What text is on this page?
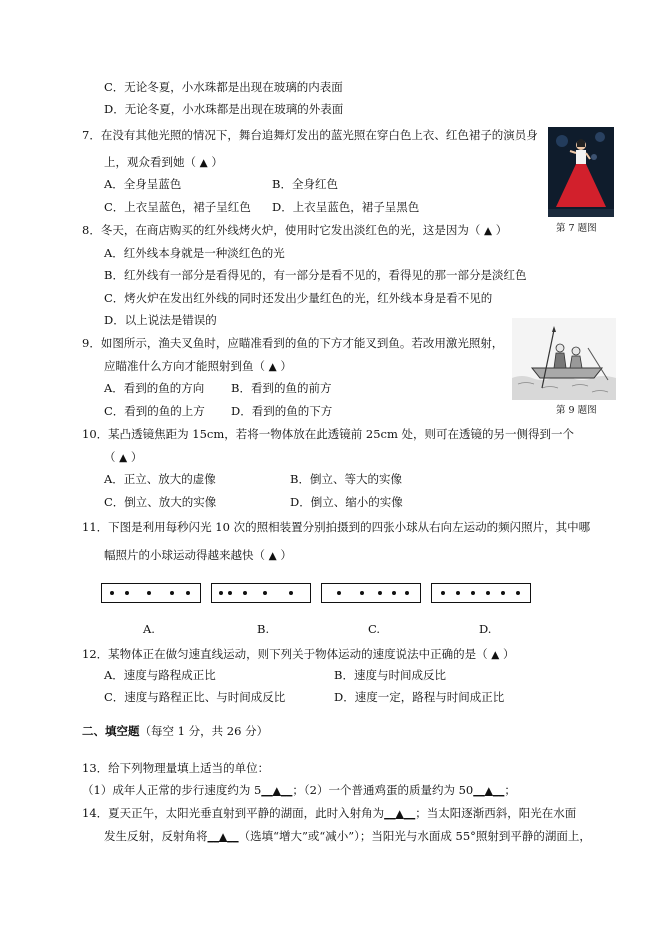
C．无论冬夏，小水珠都是出现在玻璃的内表面
D．无论冬夏，小水珠都是出现在玻璃的外表面
7．在没有其他光照的情况下，舞台追舞灯发出的蓝光照在穿白色上衣、红色裙子的演员身
上，观众看到她（ ▲ ）
A．全身呈蓝色	B．全身红色
C．上衣呈蓝色，裙子呈红色 D．上衣呈蓝色，裙子呈黑色
第 7 题图
8．冬天，在商店购买的红外线烤火炉，使用时它发出淡红色的光，这是因为（ ▲ ）
A．红外线本身就是一种淡红色的光
B．红外线有一部分是看得见的，有一部分是看不见的，看得见的那一部分是淡红色
C．烤火炉在发出红外线的同时还发出少量红色的光，红外线本身是看不见的
D．以上说法是错误的
9．如图所示，渔夫叉鱼时，应瞄准看到的鱼的下方才能叉到鱼。若改用激光照射，
应瞄准什么方向才能照射到鱼（ ▲ ）
A．看到的鱼的方向 B．看到的鱼的前方
C．看到的鱼的上方 D．看到的鱼的下方	第 9 题图
10．某凸透镜焦距为 15cm，若将一物体放在此透镜前 25cm 处，则可在透镜的另一侧得到一个
（ ▲ ）
A．正立、放大的虚像	B．倒立、等大的实像
C．倒立、放大的实像	D．倒立、缩小的实像
11．下图是利用每秒闪光 10 次的照相装置分别拍摄到的四张小球从右向左运动的频闪照片，其中哪
幅照片的小球运动得越来越快（ ▲ ）
A.	B.	C.	D.
12．某物体正在做匀速直线运动，则下列关于物体运动的速度说法中正确的是（ ▲ ）
A．速度与路程成正比	B．速度与时间成反比
C．速度与路程正比、与时间成反比	D．速度一定，路程与时间成正比
二、填空题（每空 1 分，共 26 分）
13．给下列物理量填上适当的单位：
（1）成年人正常的步行速度约为 5__▲__；（2）一个普通鸡蛋的质量约为 50__▲__；
14．夏天正午，太阳光垂直射到平静的湖面，此时入射角为__▲__；当太阳逐渐西斜，阳光在水面
发生反射，反射角将__▲__（选填“增大”或“减小”）；当阳光与水面成 55°照射到平静的湖面上，
